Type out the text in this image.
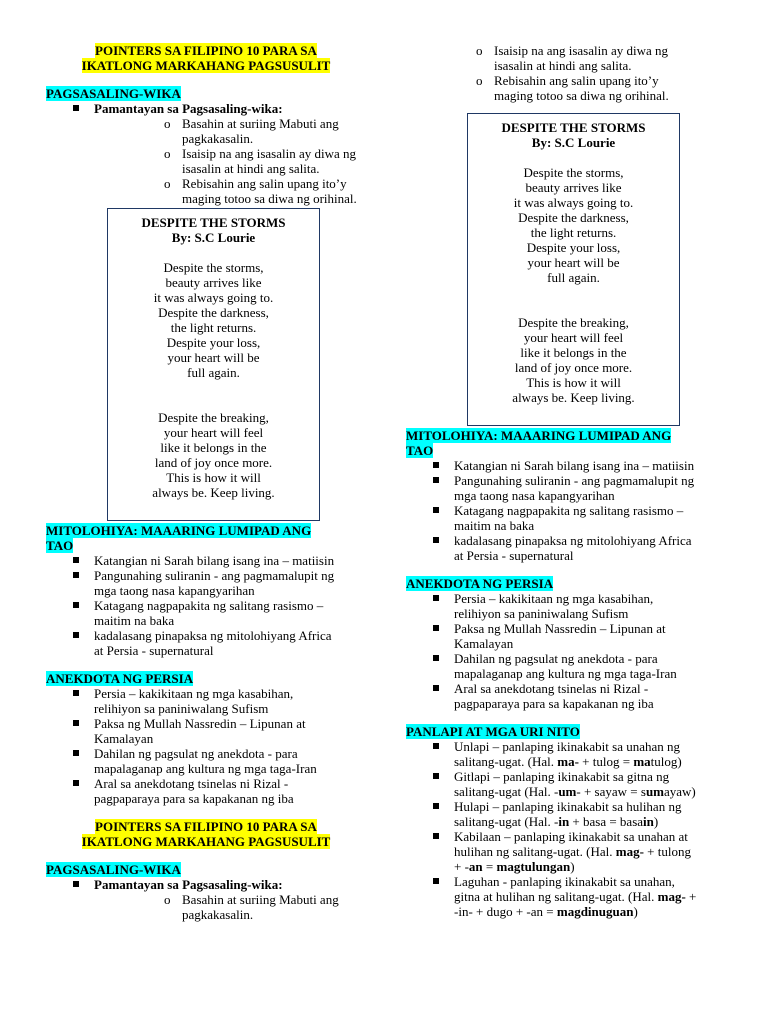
POINTERS SA FILIPINO 10 PARA SA
IKATLONG MARKAHANG PAGSUSULIT

PAGSASALING-WIKA

Pamantayan sa Pagsasaling-wika:
o Basahin at suriing Mabuti ang
pagkakasalin.
o Isaisip na ang isasalin ay diwa ng
isasalin at hindi ang salita.
o Rebisahin ang salin upang ito’y
maging totoo sa diwa ng orihinal.

DESPITE THE STORMS

By: S.C Lourie

Despite the storms,
beauty arrives like
it was always going to.
Despite the darkness,
the light returns.
Despite your loss,
your heart will be
full again.

Despite the breaking,
your heart will feel
like it belongs in the
land of joy once more.
This is how it will
always be. Keep living.

MITOLOHIYA: MAAARING LUMIPAD ANG
TAO

Katangian ni Sarah bilang isang ina – matiisin
Pangunahing suliranin - ang pagmamalupit ng
mga taong nasa kapangyarihan
Katagang nagpapakita ng salitang rasismo –
maitim na baka
kadalasang pinapaksa ng mitolohiyang Africa
at Persia - supernatural

ANEKDOTA NG PERSIA

Persia – kakikitaan ng mga kasabihan,
relihiyon sa paniniwalang Sufism
Paksa ng Mullah Nassredin – Lipunan at
Kamalayan
Dahilan ng pagsulat ng anekdota - para
mapalaganap ang kultura ng mga taga-Iran
Aral sa anekdotang tsinelas ni Rizal -
pagpaparaya para sa kapakanan ng iba

POINTERS SA FILIPINO 10 PARA SA
IKATLONG MARKAHANG PAGSUSULIT

PAGSASALING-WIKA

Pamantayan sa Pagsasaling-wika:
o Basahin at suriing Mabuti ang
pagkakasalin.
o Isaisip na ang isasalin ay diwa ng
isasalin at hindi ang salita.
o Rebisahin ang salin upang ito’y
maging totoo sa diwa ng orihinal.

DESPITE THE STORMS

By: S.C Lourie

Despite the storms,
beauty arrives like
it was always going to.
Despite the darkness,
the light returns.
Despite your loss,
your heart will be
full again.

Despite the breaking,
your heart will feel
like it belongs in the
land of joy once more.
This is how it will
always be. Keep living.

MITOLOHIYA: MAAARING LUMIPAD ANG
TAO

Katangian ni Sarah bilang isang ina – matiisin
Pangunahing suliranin - ang pagmamalupit ng
mga taong nasa kapangyarihan
Katagang nagpapakita ng salitang rasismo –
maitim na baka
kadalasang pinapaksa ng mitolohiyang Africa
at Persia - supernatural

ANEKDOTA NG PERSIA

Persia – kakikitaan ng mga kasabihan,
relihiyon sa paniniwalang Sufism
Paksa ng Mullah Nassredin – Lipunan at
Kamalayan
Dahilan ng pagsulat ng anekdota - para
mapalaganap ang kultura ng mga taga-Iran
Aral sa anekdotang tsinelas ni Rizal -
pagpaparaya para sa kapakanan ng iba

PANLAPI AT MGA URI NITO

Unlapi – panlaping ikinakabit sa unahan ng
salitang-ugat. (Hal. ma- + tulog = matulog)
Gitlapi – panlaping ikinakabit sa gitna ng
salitang-ugat (Hal. -um- + sayaw = sumayaw)
Hulapi – panlaping ikinakabit sa hulihan ng
salitang-ugat (Hal. -in + basa = basain)
Kabilaan – panlaping ikinakabit sa unahan at
hulihan ng salitang-ugat. (Hal. mag- + tulong
+ -an = magtulungan)
Laguhan - panlaping ikinakabit sa unahan,
gitna at hulihan ng salitang-ugat. (Hal. mag- +
-in- + dugo + -an = magdinuguan)
